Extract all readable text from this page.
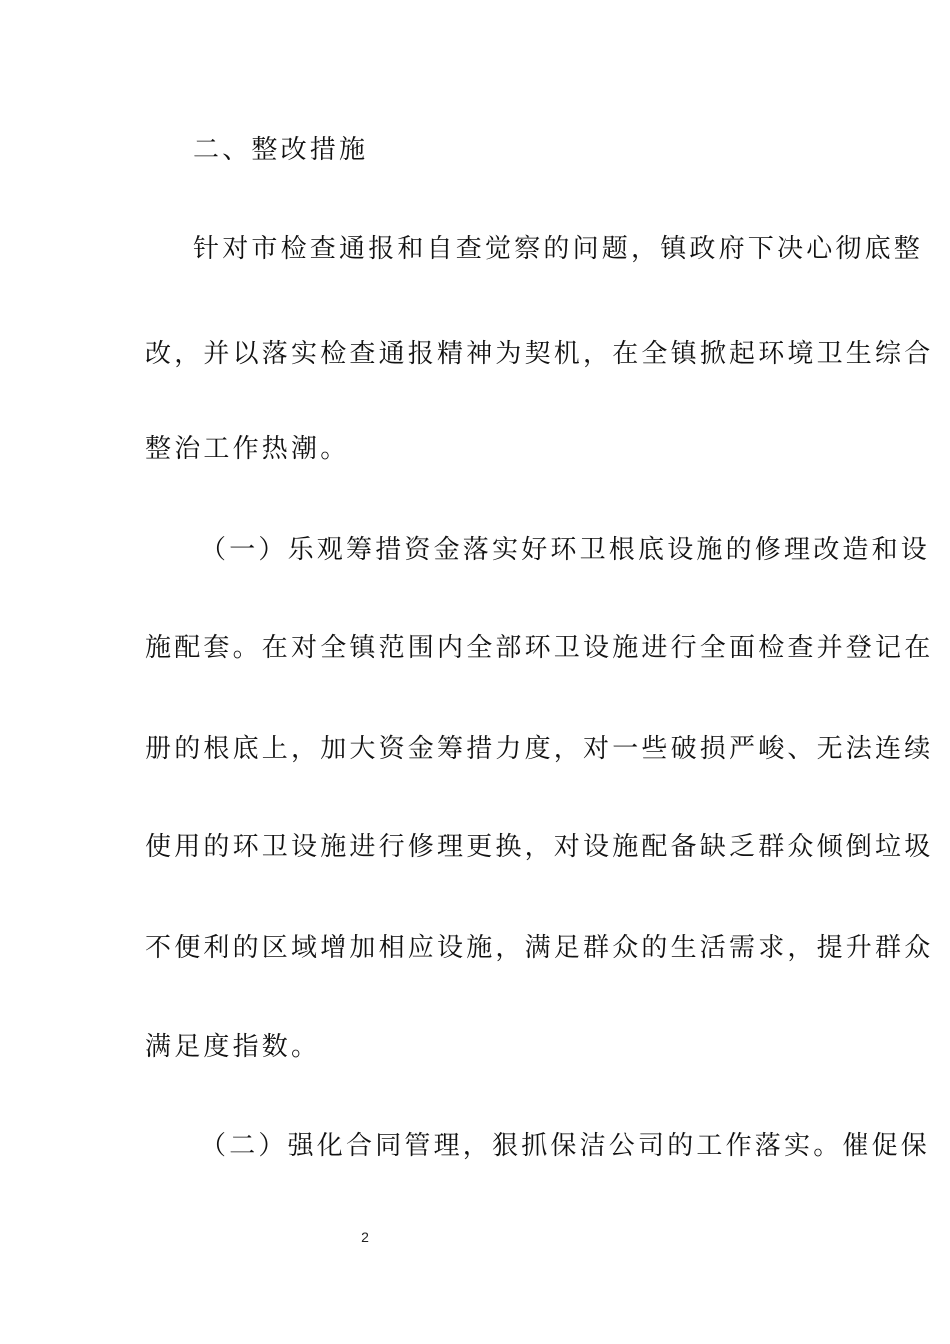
二、整改措施
针对市检查通报和自查觉察的问题，镇政府下决心彻底整
改，并以落实检查通报精神为契机，在全镇掀起环境卫生综合
整治工作热潮。
（一）乐观筹措资金落实好环卫根底设施的修理改造和设
施配套。在对全镇范围内全部环卫设施进行全面检查并登记在
册的根底上，加大资金筹措力度，对一些破损严峻、无法连续
使用的环卫设施进行修理更换，对设施配备缺乏群众倾倒垃圾
不便利的区域增加相应设施，满足群众的生活需求，提升群众
满足度指数。
（二）强化合同管理，狠抓保洁公司的工作落实。催促保
2
